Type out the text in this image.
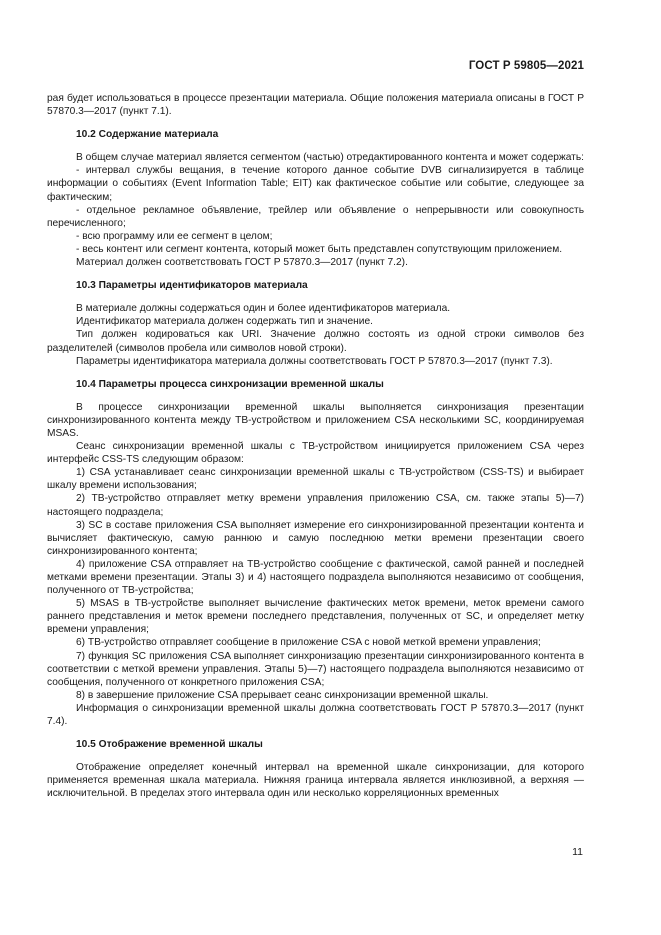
ГОСТ Р 59805—2021

рая будет использоваться в процессе презентации материала. Общие положения материала описаны в ГОСТ Р 57870.3—2017 (пункт 7.1).

10.2 Содержание материала

В общем случае материал является сегментом (частью) отредактированного контента и может содержать:

- интервал службы вещания, в течение которого данное событие DVB сигнализируется в таблице информации о событиях (Event Information Table; EIT) как фактическое событие или событие, следующее за фактическим;

- отдельное рекламное объявление, трейлер или объявление о непрерывности или совокупность перечисленного;

- всю программу или ее сегмент в целом;

- весь контент или сегмент контента, который может быть представлен сопутствующим приложением.

Материал должен соответствовать ГОСТ Р 57870.3—2017 (пункт 7.2).

10.3 Параметры идентификаторов материала

В материале должны содержаться один и более идентификаторов материала.

Идентификатор материала должен содержать тип и значение.

Тип должен кодироваться как URI. Значение должно состоять из одной строки символов без разделителей (символов пробела или символов новой строки).

Параметры идентификатора материала должны соответствовать ГОСТ Р 57870.3—2017 (пункт 7.3).

10.4 Параметры процесса синхронизации временной шкалы

В процессе синхронизации временной шкалы выполняется синхронизация презентации синхронизированного контента между ТВ-устройством и приложением CSA несколькими SC, координируемая MSAS.

Сеанс синхронизации временной шкалы с ТВ-устройством инициируется приложением CSA через интерфейс CSS-TS следующим образом:

1) CSA устанавливает сеанс синхронизации временной шкалы с ТВ-устройством (CSS-TS) и выбирает шкалу времени использования;

2) ТВ-устройство отправляет метку времени управления приложению CSA, см. также этапы 5)—7) настоящего подраздела;

3) SC в составе приложения CSA выполняет измерение его синхронизированной презентации контента и вычисляет фактическую, самую раннюю и самую последнюю метки времени презентации своего синхронизированного контента;

4) приложение CSA отправляет на ТВ-устройство сообщение с фактической, самой ранней и последней метками времени презентации. Этапы 3) и 4) настоящего подраздела выполняются независимо от сообщения, полученного от ТВ-устройства;

5) MSAS в ТВ-устройстве выполняет вычисление фактических меток времени, меток времени самого раннего представления и меток времени последнего представления, полученных от SC, и определяет метку времени управления;

6) ТВ-устройство отправляет сообщение в приложение CSA с новой меткой времени управления;

7) функция SC приложения CSA выполняет синхронизацию презентации синхронизированного контента в соответствии с меткой времени управления. Этапы 5)—7) настоящего подраздела выполняются независимо от сообщения, полученного от конкретного приложения CSA;

8) в завершение приложение CSA прерывает сеанс синхронизации временной шкалы.

Информация о синхронизации временной шкалы должна соответствовать ГОСТ Р 57870.3—2017 (пункт 7.4).

10.5 Отображение временной шкалы

Отображение определяет конечный интервал на временной шкале синхронизации, для которого применяется временная шкала материала. Нижняя граница интервала является инклюзивной, а верхняя — исключительной. В пределах этого интервала один или несколько корреляционных временных

11
